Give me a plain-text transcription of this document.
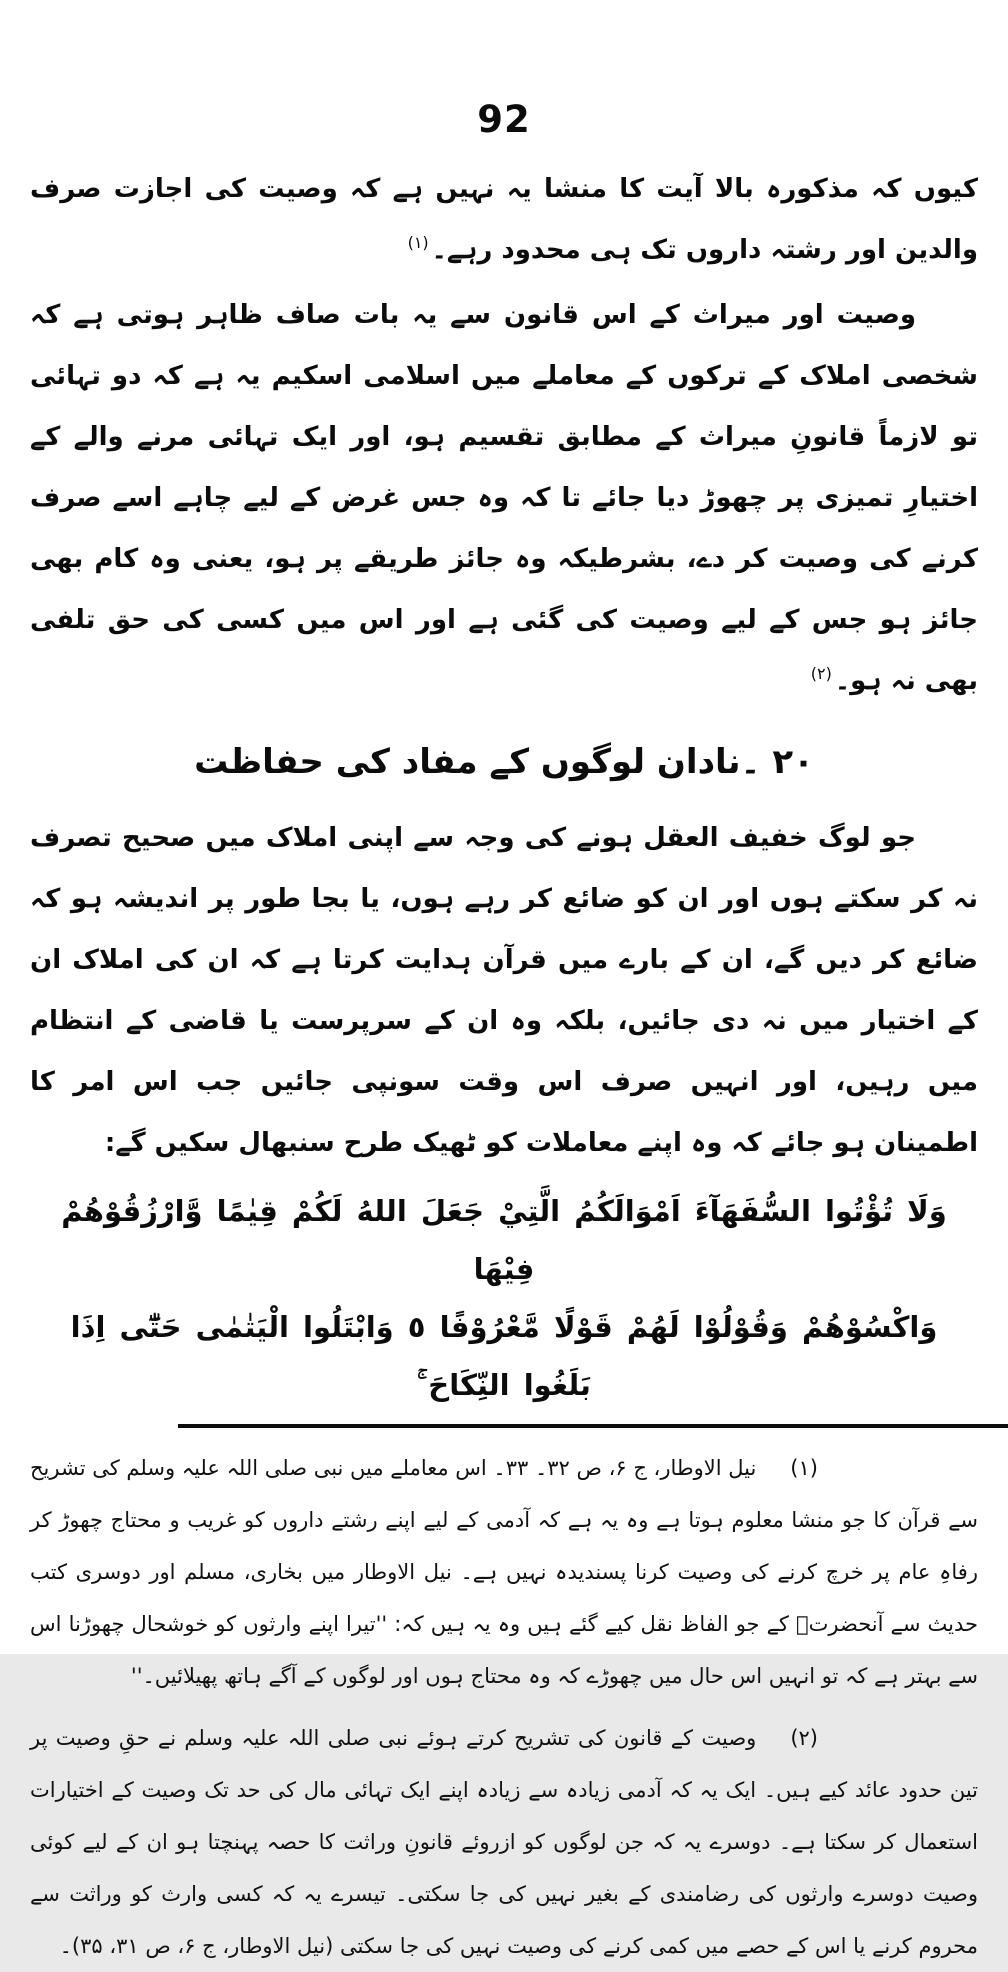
92

کیوں کہ مذکورہ بالا آیت کا منشا یہ نہیں ہے کہ وصیت کی اجازت صرف والدین اور رشتہ داروں تک ہی محدود رہے۔$^{(۱)}$

وصیت اور میراث کے اس قانون سے یہ بات صاف ظاہر ہوتی ہے کہ شخصی املاک کے ترکوں کے معاملے میں اسلامی اسکیم یہ ہے کہ دو تہائی تو لازماً قانونِ میراث کے مطابق تقسیم ہو، اور ایک تہائی مرنے والے کے اختیارِ تمیزی پر چھوڑ دیا جائے تا کہ وہ جس غرض کے لیے چاہے اسے صرف کرنے کی وصیت کر دے، بشرطیکہ وہ جائز طریقے پر ہو، یعنی وہ کام بھی جائز ہو جس کے لیے وصیت کی گئی ہے اور اس میں کسی کی حق تلفی بھی نہ ہو۔$^{(۲)}$

۲۰ ۔نادان لوگوں کے مفاد کی حفاظت

جو لوگ خفیف العقل ہونے کی وجہ سے اپنی املاک میں صحیح تصرف نہ کر سکتے ہوں اور ان کو ضائع کر رہے ہوں، یا بجا طور پر اندیشہ ہو کہ ضائع کر دیں گے، ان کے بارے میں قرآن ہدایت کرتا ہے کہ ان کی املاک ان کے اختیار میں نہ دی جائیں، بلکہ وہ ان کے سرپرست یا قاضی کے انتظام میں رہیں، اور انہیں صرف اس وقت سونپی جائیں جب اس امر کا اطمینان ہو جائے کہ وہ اپنے معاملات کو ٹھیک طرح سنبھال سکیں گے:

وَلَا تُؤْتُوا السُّفَهَآءَ اَمْوَالَكُمُ الَّتِيْ جَعَلَ اللهُ لَكُمْ قِيٰمًا وَّارْزُقُوْهُمْ فِيْهَا
وَاكْسُوْهُمْ وَقُوْلُوْا لَهُمْ قَوْلًا مَّعْرُوْفًا ٥ وَابْتَلُوا الْيَتٰمٰى حَتّٰٓى اِذَا بَلَغُوا النِّكَاحَ ۚ

(۱)نیل الاوطار، ج ۶، ص ۳۲۔ ۳۳۔ اس معاملے میں نبی صلی اللہ علیہ وسلم کی تشریح سے قرآن کا جو منشا معلوم ہوتا ہے وہ یہ ہے کہ آدمی کے لیے اپنے رشتے داروں کو غریب و محتاج چھوڑ کر رفاہِ عام پر خرچ کرنے کی وصیت کرنا پسندیدہ نہیں ہے۔ نیل الاوطار میں بخاری، مسلم اور دوسری کتب حدیث سے آنحضرتؐ کے جو الفاظ نقل کیے گئے ہیں وہ یہ ہیں کہ: ''تیرا اپنے وارثوں کو خوشحال چھوڑنا اس سے بہتر ہے کہ تو انہیں اس حال میں چھوڑے کہ وہ محتاج ہوں اور لوگوں کے آگے ہاتھ پھیلائیں۔''

(۲)وصیت کے قانون کی تشریح کرتے ہوئے نبی صلی اللہ علیہ وسلم نے حقِ وصیت پر تین حدود عائد کیے ہیں۔ ایک یہ کہ آدمی زیادہ سے زیادہ اپنے ایک تہائی مال کی حد تک وصیت کے اختیارات استعمال کر سکتا ہے۔ دوسرے یہ کہ جن لوگوں کو ازروئے قانونِ وراثت کا حصہ پہنچتا ہو ان کے لیے کوئی وصیت دوسرے وارثوں کی رضامندی کے بغیر نہیں کی جا سکتی۔ تیسرے یہ کہ کسی وارث کو وراثت سے محروم کرنے یا اس کے حصے میں کمی کرنے کی وصیت نہیں کی جا سکتی (نیل الاوطار، ج ۶، ص ۳۱، ۳۵)۔
